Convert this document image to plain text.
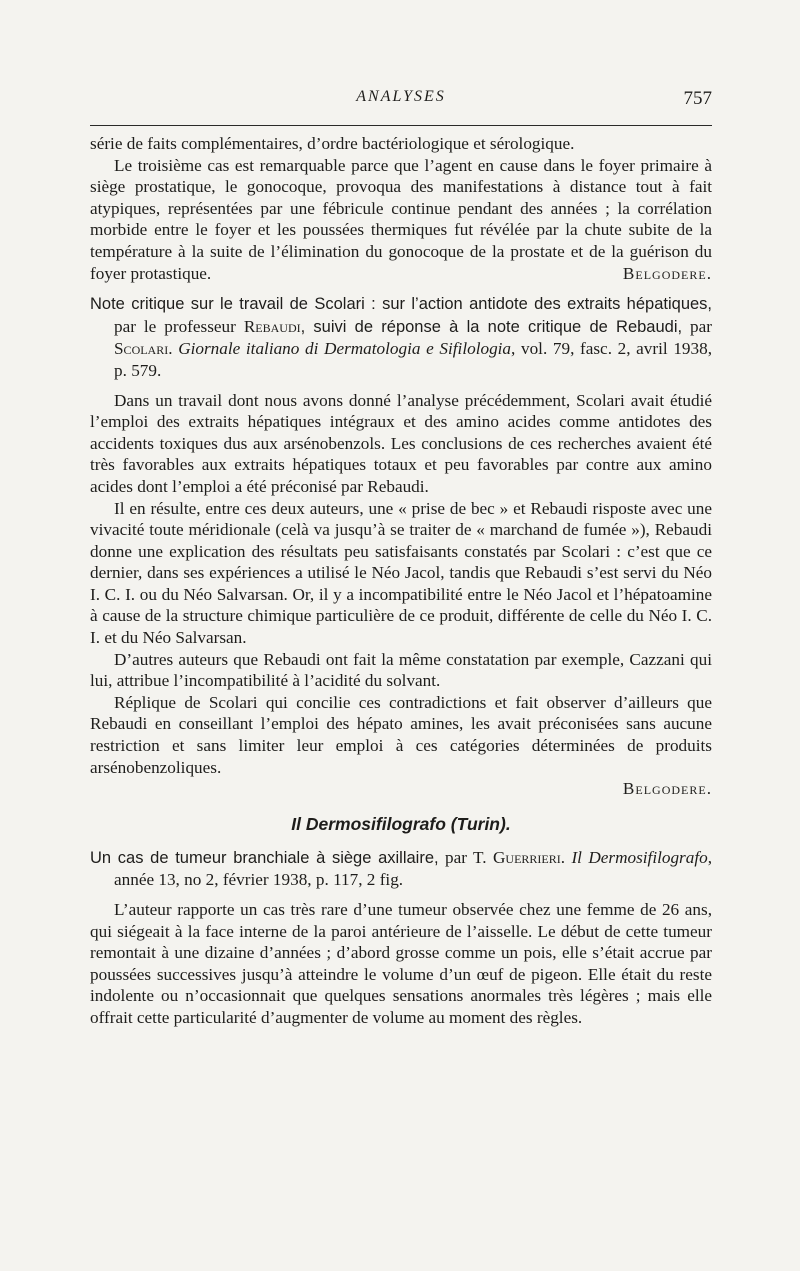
ANALYSES	757

série de faits complémentaires, d’ordre bactériologique et sérologique.

Le troisième cas est remarquable parce que l’agent en cause dans le foyer primaire à siège prostatique, le gonocoque, provoqua des manifestations à distance tout à fait atypiques, représentées par une fébricule continue pendant des années ; la corrélation morbide entre le foyer et les poussées thermiques fut révélée par la chute subite de la température à la suite de l’élimination du gonocoque de la prostate et de la guérison du foyer protastique.	Belgodere.

Note critique sur le travail de Scolari : sur l’action antidote des extraits hépatiques, par le professeur Rebaudi, suivi de réponse à la note critique de Rebaudi, par Scolari. Giornale italiano di Dermatologia e Sifilologia, vol. 79, fasc. 2, avril 1938, p. 579.

Dans un travail dont nous avons donné l’analyse précédemment, Scolari avait étudié l’emploi des extraits hépatiques intégraux et des amino acides comme antidotes des accidents toxiques dus aux arsénobenzols. Les conclusions de ces recherches avaient été très favorables aux extraits hépatiques totaux et peu favorables par contre aux amino acides dont l’emploi a été préconisé par Rebaudi.

Il en résulte, entre ces deux auteurs, une « prise de bec » et Rebaudi risposte avec une vivacité toute méridionale (celà va jusqu’à se traiter de « marchand de fumée »), Rebaudi donne une explication des résultats peu satisfaisants constatés par Scolari : c’est que ce dernier, dans ses expériences a utilisé le Néo Jacol, tandis que Rebaudi s’est servi du Néo I. C. I. ou du Néo Salvarsan. Or, il y a incompatibilité entre le Néo Jacol et l’hépatoamine à cause de la structure chimique particulière de ce produit, différente de celle du Néo I. C. I. et du Néo Salvarsan.

D’autres auteurs que Rebaudi ont fait la même constatation par exemple, Cazzani qui lui, attribue l’incompatibilité à l’acidité du solvant.

Réplique de Scolari qui concilie ces contradictions et fait observer d’ailleurs que Rebaudi en conseillant l’emploi des hépato amines, les avait préconisées sans aucune restriction et sans limiter leur emploi à ces catégories déterminées de produits arsénobenzoliques.

Belgodere.

Il Dermosifilografo (Turin).

Un cas de tumeur branchiale à siège axillaire, par T. Guerrieri. Il Dermosifilografo, année 13, no 2, février 1938, p. 117, 2 fig.

L’auteur rapporte un cas très rare d’une tumeur observée chez une femme de 26 ans, qui siégeait à la face interne de la paroi antérieure de l’aisselle. Le début de cette tumeur remontait à une dizaine d’années ; d’abord grosse comme un pois, elle s’était accrue par poussées successives jusqu’à atteindre le volume d’un œuf de pigeon. Elle était du reste indolente ou n’occasionnait que quelques sensations anormales très légères ; mais elle offrait cette particularité d’augmenter de volume au moment des règles.
